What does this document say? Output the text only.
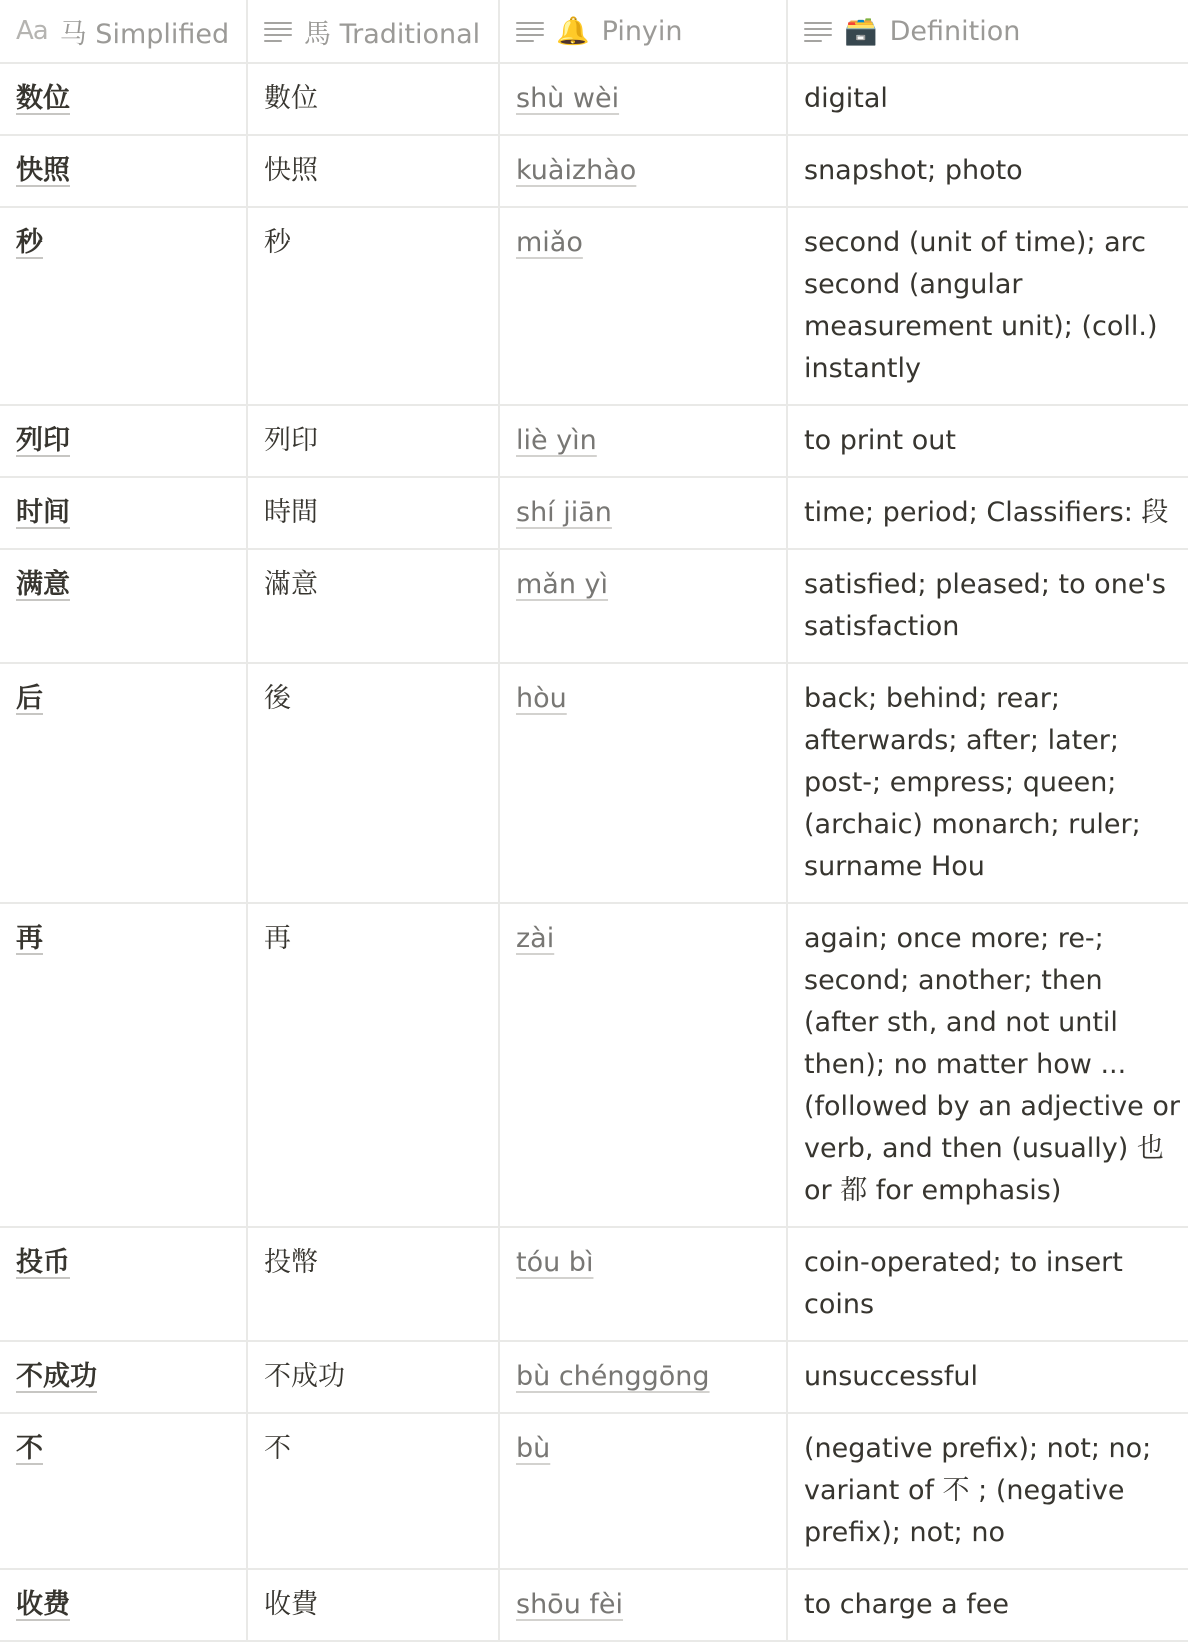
Aa 马 Simplified	馬 Traditional	🔔 Pinyin	🗃️ Definition

数位	數位	shù wèi	digital
快照	快照	kuàizhào	snapshot; photo
秒	秒	miǎo	second (unit of time); arc second (angular measurement unit); (coll.) instantly
列印	列印	liè yìn	to print out
时间	時間	shí jiān	time; period; Classifiers: 段
满意	滿意	mǎn yì	satisfied; pleased; to one's satisfaction
后	後	hòu	back; behind; rear; afterwards; after; later; post-; empress; queen; (archaic) monarch; ruler; surname Hou
再	再	zài	again; once more; re-; second; another; then (after sth, and not until then); no matter how ... (followed by an adjective or verb, and then (usually) 也 or 都 for emphasis)
投币	投幣	tóu bì	coin-operated; to insert coins
不成功	不成功	bù chénggōng	unsuccessful
不	不	bù	(negative prefix); not; no; variant of 不 ; (negative prefix); not; no
收费	收費	shōu fèi	to charge a fee
